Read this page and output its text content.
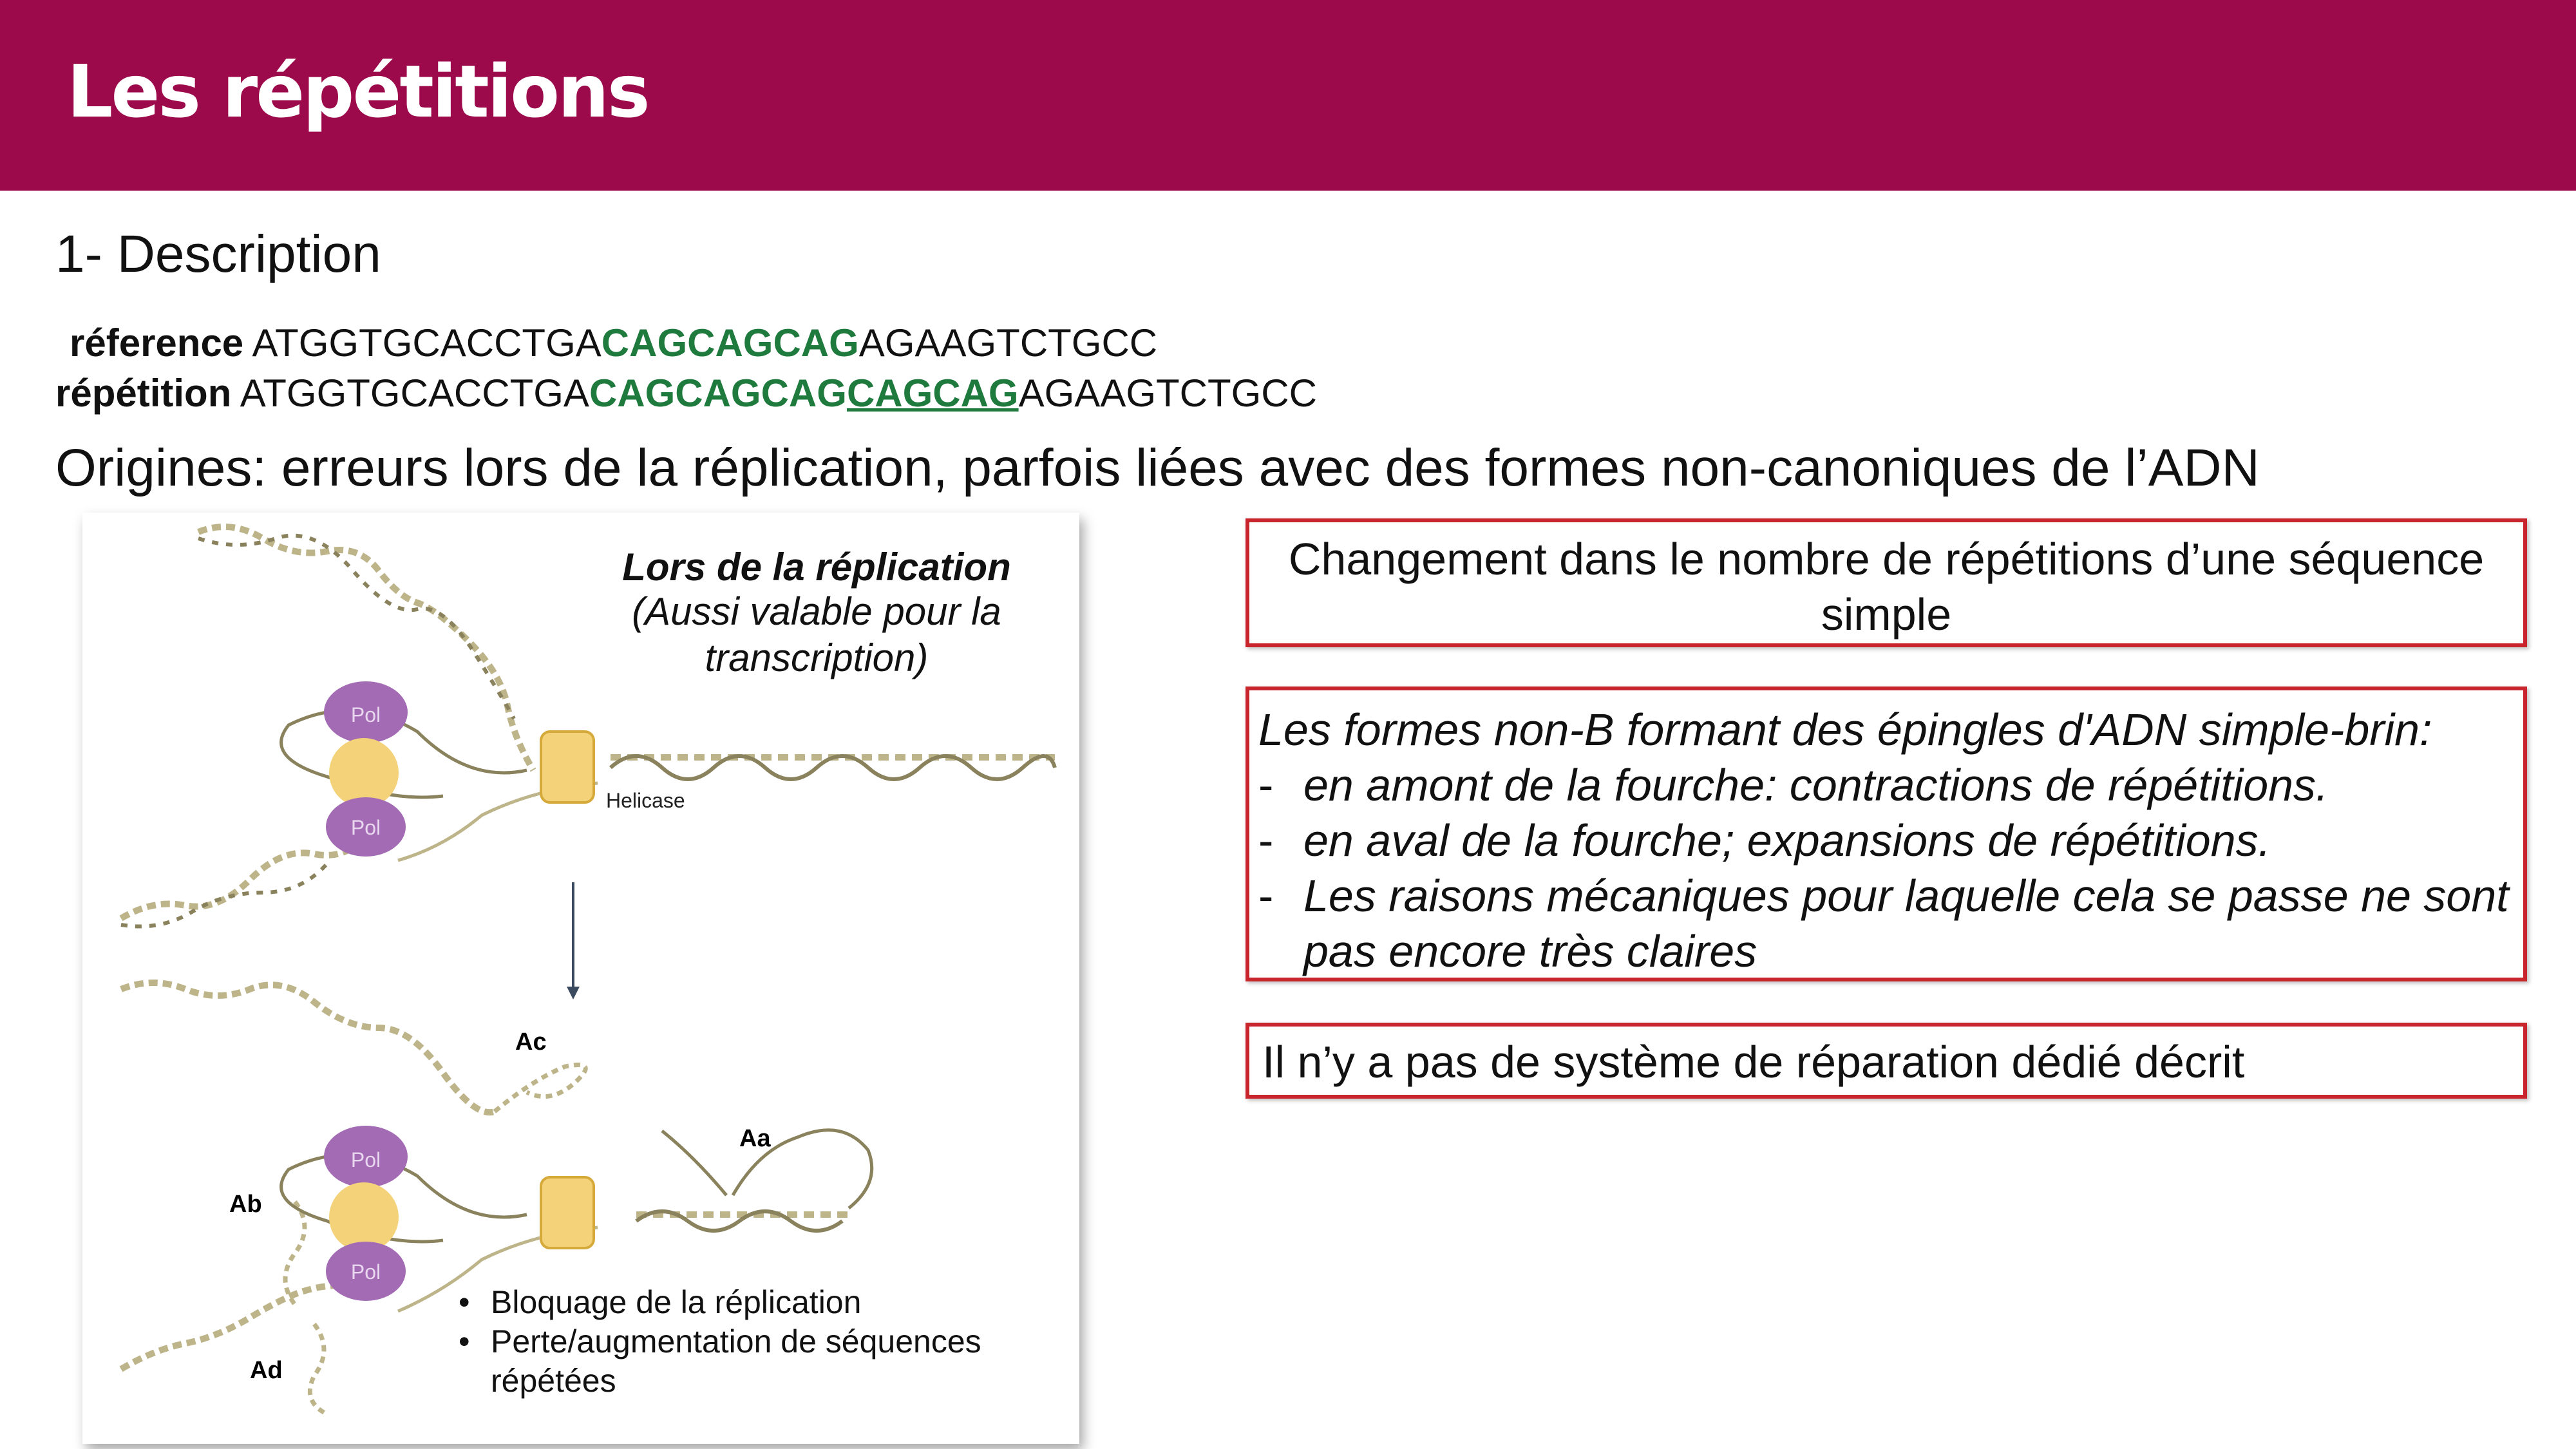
Les répétitions
1- Description
réference ATGGTGCACCTGACAGCAGCAGAGAAGTCTGCC
répétition ATGGTGCACCTGACAGCAGCAGCAGCAGAGAAGTCTGCC
Origines: erreurs lors de la réplication, parfois liées avec des formes non-canoniques de l’ADN
Pol
Pol
Helicase
Pol
Pol
Ac
Aa
Ab
Ad
Lors de la réplication
(Aussi valable pour la
transcription)
• Bloquage de la réplication
• Perte/augmentation de séquences
répétées
Changement dans le nombre de répétitions d’une séquence
simple
Les formes non-B formant des épingles d'ADN simple-brin:
- en amont de la fourche: contractions de répétitions.
- en aval de la fourche; expansions de répétitions.
- Les raisons mécaniques pour laquelle cela se passe ne sont pas encore très claires
Il n’y a pas de système de réparation dédié décrit
